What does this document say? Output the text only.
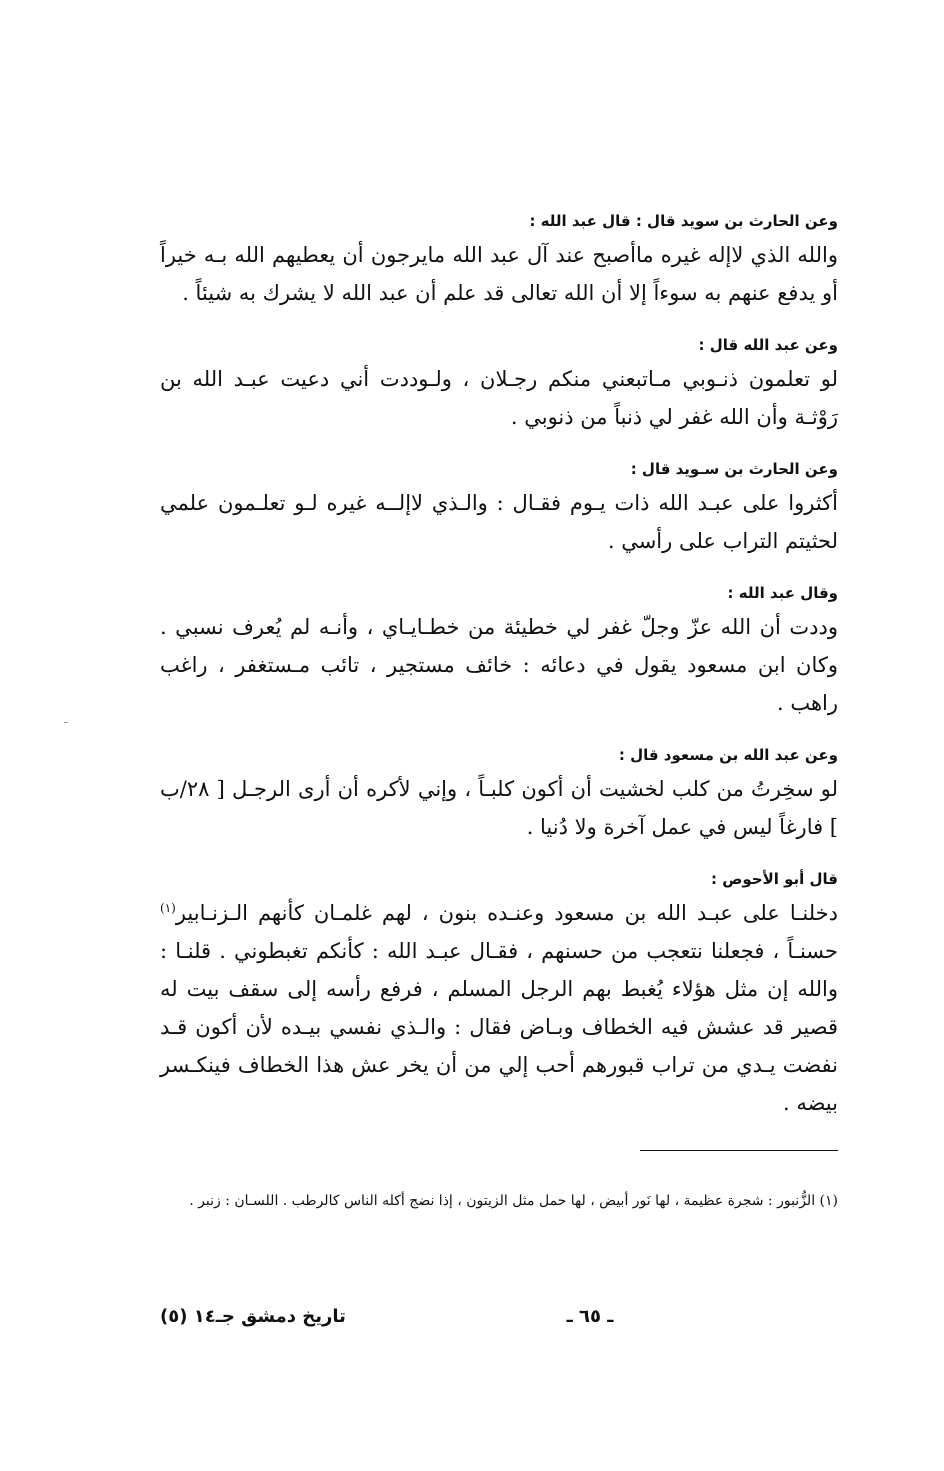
وعن الحارث بن سويد قال : قال عبد الله :
والله الذي لاإله غيره ماأصبح عند آل عبد الله مايرجون أن يعطيهم الله بـه خيراً أو يدفع عنهم به سوءاً إلا أن الله تعالى قد علم أن عبد الله لا يشرك به شيئاً .
وعن عبد الله قال :
لو تعلمون ذنـوبي مـاتبعني منكم رجـلان ، ولـوددت أني دعيت عبـد الله بن رَوْثـة وأن الله غفر لي ذنباً من ذنوبي .
وعن الحارث بن سـويد قال :
أكثروا على عبـد الله ذات يـوم فقـال : والـذي لاإلــه غيره لـو تعلـمون علمي لحثيتم التراب على رأسي .
وقال عبد الله :
وددت أن الله عزّ وجلّ غفر لي خطيئة من خطـايـاي ، وأنـه لم يُعرف نسبي . وكان ابن مسعود يقول في دعائه : خائف مستجير ، تائب مـستغفر ، راغب راهب .
وعن عبد الله بن مسعود قال :
لو سخِرتُ من كلب لخشيت أن أكون كلبـاً ، وإني لأكره أن أرى الرجـل [ ٢٨/ب ] فارغاً ليس في عمل آخرة ولا دُنيا .
قال أبو الأحوص :
دخلنـا على عبـد الله بن مسعود وعنـده بنون ، لهم غلمـان كأنهم الـزنـابير$^{(١)}$ حسنـاً ، فجعلنا نتعجب من حسنهم ، فقـال عبـد الله : كأنكم تغبطوني . قلنـا : والله إن مثل هؤلاء يُغبط بهم الرجل المسلم ، فرفع رأسه إلى سقف بيت له قصير قد عشش فيه الخطاف وبـاض فقال : والـذي نفسي بيـده لأن أكون قـد نفضت يـدي من تراب قبورهم أحب إلي من أن يخر عش هذا الخطاف فينكـسر بيضه .
(١) الزُّنبور : شجرة عظيمة ، لها نَور أبيض ، لها حمل مثل الزيتون ، إذا نضج أكله الناس كالرطب . اللسـان : زنبر .
ـ ٦٥ ـ
تاريخ دمشق جـ١٤ (٥)
